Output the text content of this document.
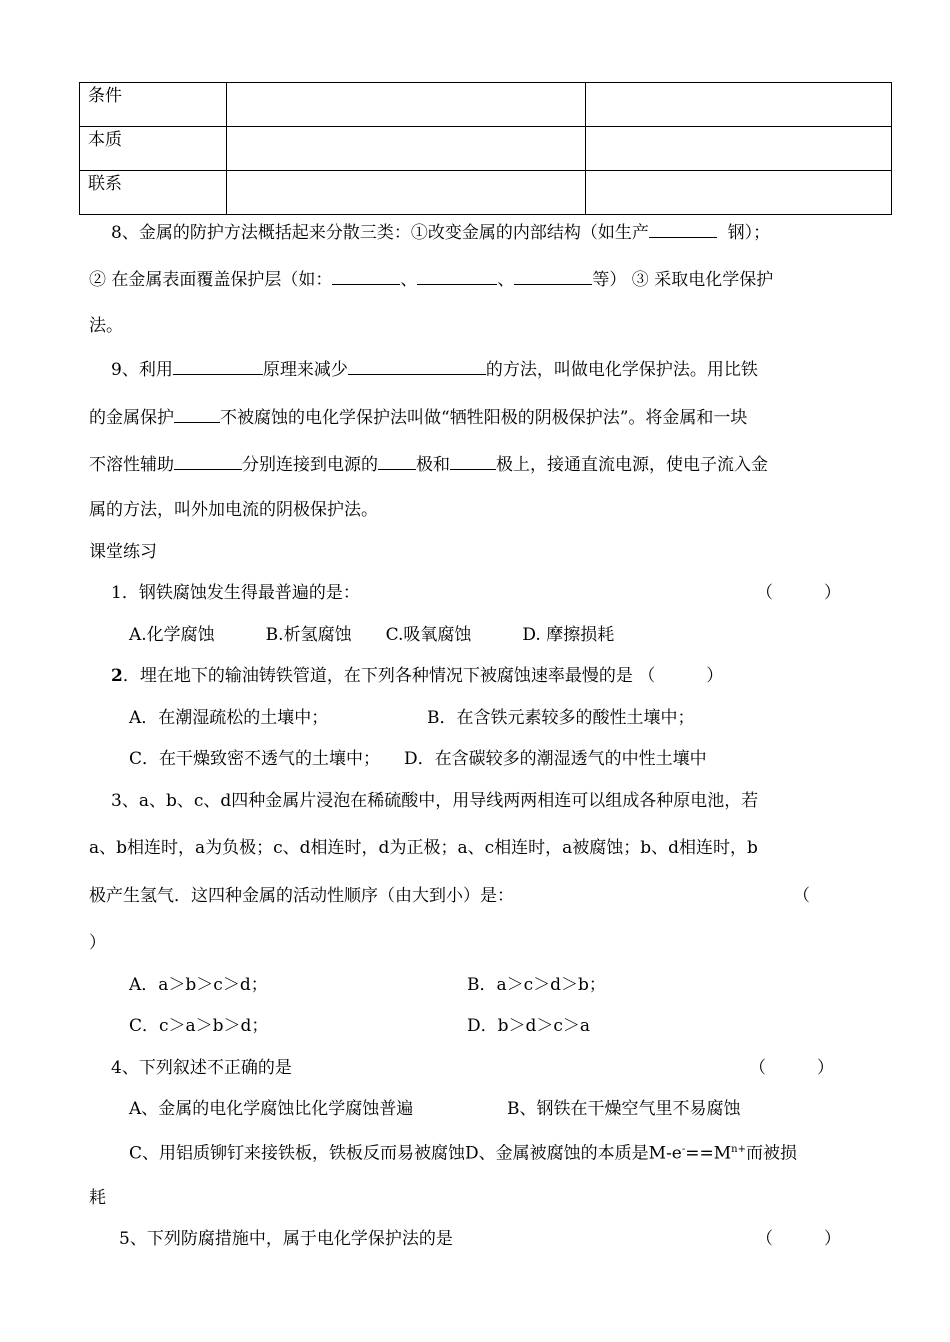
条件		
本质		
联系		
8、金属的防护方法概括起来分散三类：①改变金属的内部结构（如生产	钢）；
② 在金属表面覆盖保护层（如：	、	、	等） ③ 采取电化学保护
法。
9、利用	原理来减少	的方法，叫做电化学保护法。用比铁
的金属保护	不被腐蚀的电化学保护法叫做“牺牲阳极的阴极保护法”。将金属和一块
不溶性辅助	分别连接到电源的 极和	极上，接通直流电源，使电子流入金
属的方法，叫外加电流的阴极保护法。
课堂练习
1．钢铁腐蚀发生得最普遍的是：	（　　　）
A.化学腐蚀　　　B.析氢腐蚀　　C.吸氧腐蚀　　　D. 摩擦损耗
2．埋在地下的输油铸铁管道，在下列各种情况下被腐蚀速率最慢的是 （　　　）
A．在潮湿疏松的土壤中；	B．在含铁元素较多的酸性土壤中；
C．在干燥致密不透气的土壤中； D．在含碳较多的潮湿透气的中性土壤中
3、a、b、c、d四种金属片浸泡在稀硫酸中，用导线两两相连可以组成各种原电池，若
a、b相连时，a为负极；c、d相连时，d为正极；a、c相连时，a被腐蚀；b、d相连时，b
极产生氢气．这四种金属的活动性顺序（由大到小）是：	（
）
A．a＞b＞c＞d；	B．a＞c＞d＞b；
C．c＞a＞b＞d；	D．b＞d＞c＞a
4、下列叙述不正确的是	（　　　）
A、金属的电化学腐蚀比化学腐蚀普遍	B、钢铁在干燥空气里不易腐蚀
C、用铝质铆钉来接铁板，铁板反而易被腐蚀D、金属被腐蚀的本质是$M-e^-==M^{n+}$而被损
耗
5、下列防腐措施中，属于电化学保护法的是	（　　　）
